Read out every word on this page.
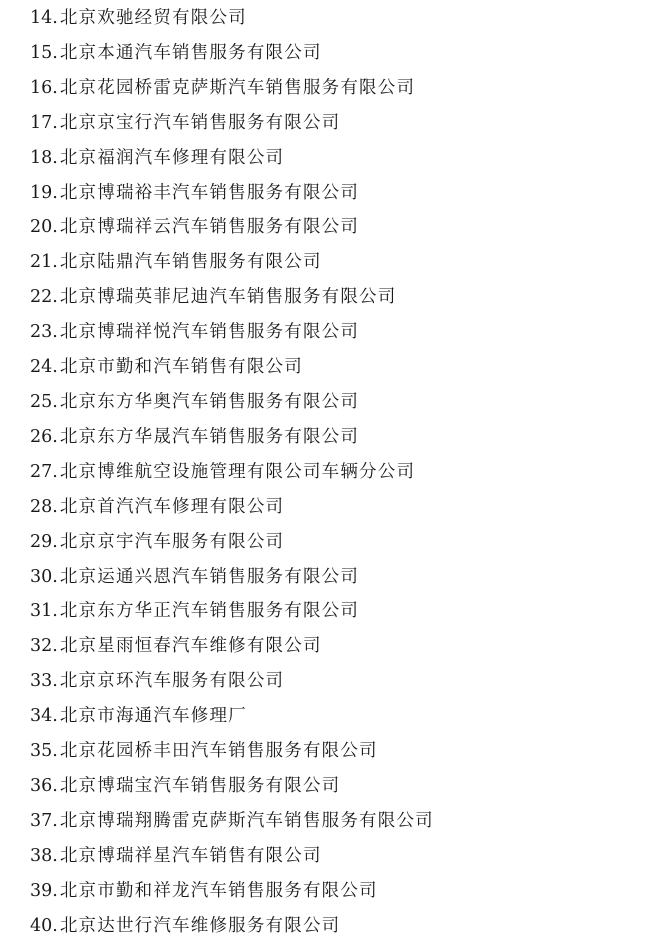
14. 北京欢驰经贸有限公司
15. 北京本通汽车销售服务有限公司
16. 北京花园桥雷克萨斯汽车销售服务有限公司
17. 北京京宝行汽车销售服务有限公司
18. 北京福润汽车修理有限公司
19. 北京博瑞裕丰汽车销售服务有限公司
20. 北京博瑞祥云汽车销售服务有限公司
21. 北京陆鼎汽车销售服务有限公司
22. 北京博瑞英菲尼迪汽车销售服务有限公司
23. 北京博瑞祥悦汽车销售服务有限公司
24. 北京市勤和汽车销售有限公司
25. 北京东方华奥汽车销售服务有限公司
26. 北京东方华晟汽车销售服务有限公司
27. 北京博维航空设施管理有限公司车辆分公司
28. 北京首汽汽车修理有限公司
29. 北京京宇汽车服务有限公司
30. 北京运通兴恩汽车销售服务有限公司
31. 北京东方华正汽车销售服务有限公司
32. 北京星雨恒春汽车维修有限公司
33. 北京京环汽车服务有限公司
34. 北京市海通汽车修理厂
35. 北京花园桥丰田汽车销售服务有限公司
36. 北京博瑞宝汽车销售服务有限公司
37. 北京博瑞翔腾雷克萨斯汽车销售服务有限公司
38. 北京博瑞祥星汽车销售有限公司
39. 北京市勤和祥龙汽车销售服务有限公司
40. 北京达世行汽车维修服务有限公司
